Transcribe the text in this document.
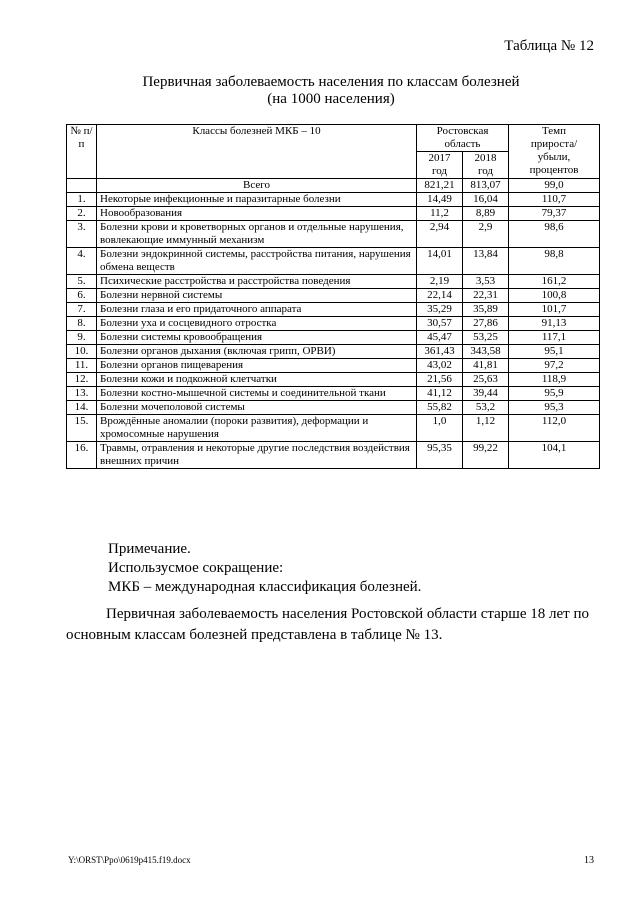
Таблица № 12
Первичная заболеваемость населения по классам болезней
(на 1000 населения)
№ п/п	Классы болезней МКБ – 10	Ростовская область		Темп прироста/ убыли, процентов
		2017 год	2018 год	
	Всего	821,21	813,07	99,0
1.	Некоторые инфекционные и паразитарные болезни	14,49	16,04	110,7
2.	Новообразования	11,2	8,89	79,37
3.	Болезни крови и кроветворных органов и отдельные нарушения, вовлекающие иммунный механизм	2,94	2,9	98,6
4.	Болезни эндокринной системы, расстройства питания, нарушения обмена веществ	14,01	13,84	98,8
5.	Психические расстройства и расстройства поведения	2,19	3,53	161,2
6.	Болезни нервной системы	22,14	22,31	100,8
7.	Болезни глаза и его придаточного аппарата	35,29	35,89	101,7
8.	Болезни уха и сосцевидного отростка	30,57	27,86	91,13
9.	Болезни системы кровообращения	45,47	53,25	117,1
10.	Болезни органов дыхания (включая грипп, ОРВИ)	361,43	343,58	95,1
11.	Болезни органов пищеварения	43,02	41,81	97,2
12.	Болезни кожи и подкожной клетчатки	21,56	25,63	118,9
13.	Болезни костно-мышечной системы и соединительной ткани	41,12	39,44	95,9
14.	Болезни мочеполовой системы	55,82	53,2	95,3
15.	Врождённые аномалии (пороки развития), деформации и хромосомные нарушения	1,0	1,12	112,0
16.	Травмы, отравления и некоторые другие последствия воздействия внешних причин	95,35	99,22	104,1
Примечание.
Использусмое сокращение:
МКБ – международная классификация болезней.
Первичная заболеваемость населения Ростовской области старше 18 лет по основным классам болезней представлена в таблице № 13.
Y:\ORST\Ppo\0619p415.f19.docx	13
